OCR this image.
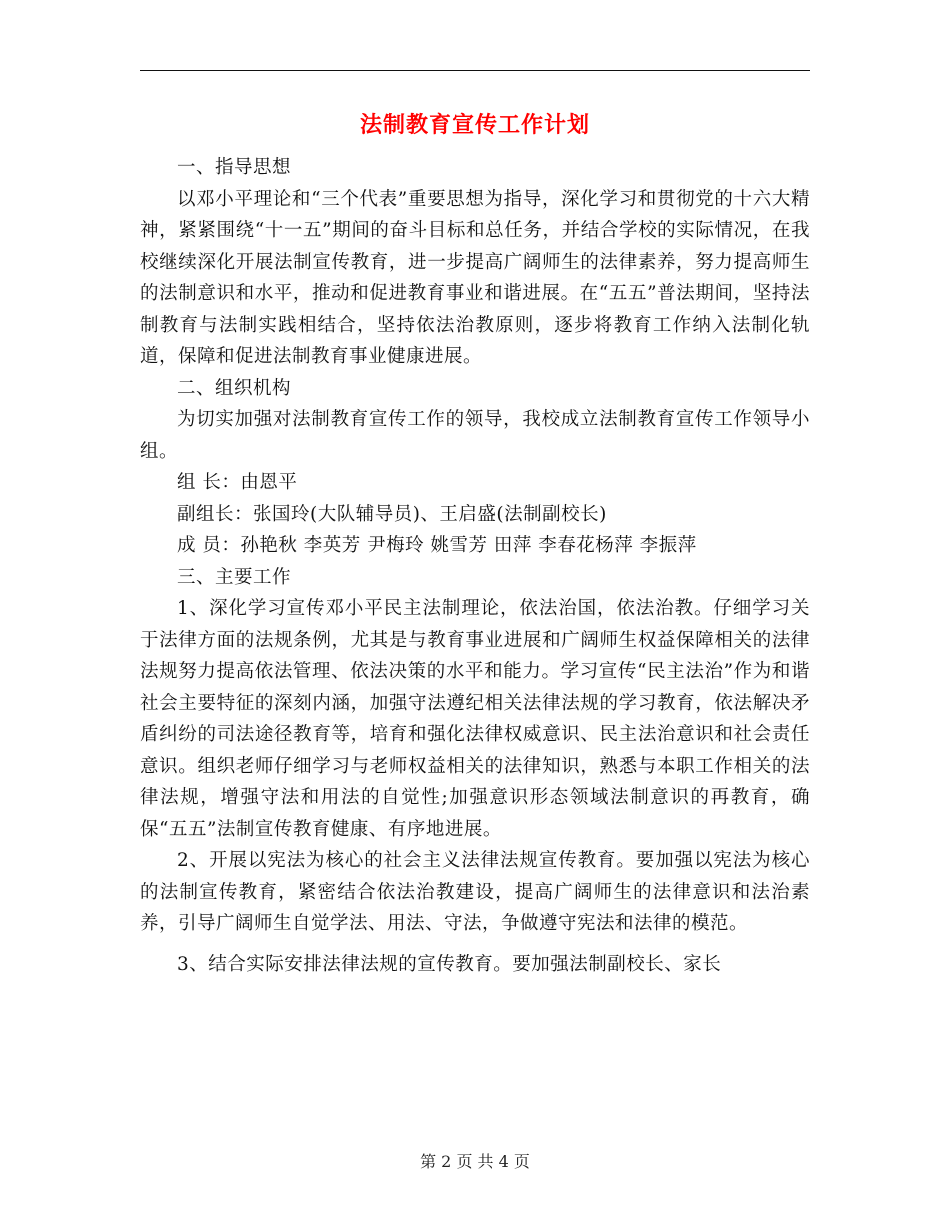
法制教育宣传工作计划

一、指导思想

以邓小平理论和“三个代表”重要思想为指导，深化学习和贯彻党的十六大精神，紧紧围绕“十一五”期间的奋斗目标和总任务，并结合学校的实际情况，在我校继续深化开展法制宣传教育，进一步提高广阔师生的法律素养，努力提高师生的法制意识和水平，推动和促进教育事业和谐进展。在“五五”普法期间，坚持法制教育与法制实践相结合，坚持依法治教原则，逐步将教育工作纳入法制化轨道，保障和促进法制教育事业健康进展。

二、组织机构

为切实加强对法制教育宣传工作的领导，我校成立法制教育宣传工作领导小组。

组 长：由恩平

副组长：张国玲(大队辅导员)、王启盛(法制副校长)

成 员：孙艳秋 李英芳 尹梅玲 姚雪芳 田萍 李春花杨萍 李振萍

三、主要工作

1、深化学习宣传邓小平民主法制理论，依法治国，依法治教。仔细学习关于法律方面的法规条例，尤其是与教育事业进展和广阔师生权益保障相关的法律法规努力提高依法管理、依法决策的水平和能力。学习宣传“民主法治”作为和谐社会主要特征的深刻内涵，加强守法遵纪相关法律法规的学习教育，依法解决矛盾纠纷的司法途径教育等，培育和强化法律权威意识、民主法治意识和社会责任意识。组织老师仔细学习与老师权益相关的法律知识，熟悉与本职工作相关的法律法规，增强守法和用法的自觉性;加强意识形态领域法制意识的再教育，确保“五五”法制宣传教育健康、有序地进展。

2、开展以宪法为核心的社会主义法律法规宣传教育。要加强以宪法为核心的法制宣传教育，紧密结合依法治教建设，提高广阔师生的法律意识和法治素养，引导广阔师生自觉学法、用法、守法，争做遵守宪法和法律的模范。

3、结合实际安排法律法规的宣传教育。要加强法制副校长、家长

第 2 页 共 4 页
